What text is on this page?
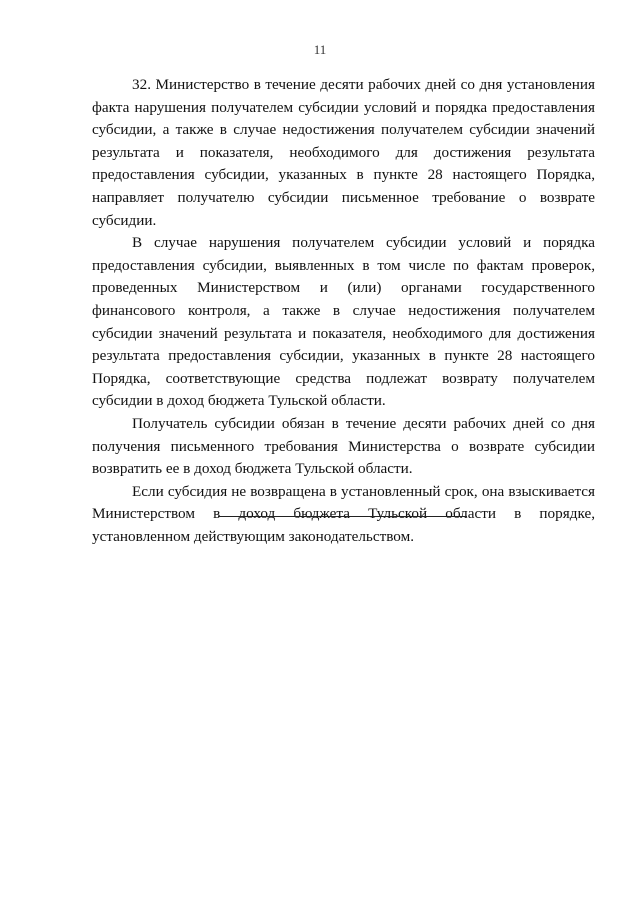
11

32. Министерство в течение десяти рабочих дней со дня установления факта нарушения получателем субсидии условий и порядка предоставления субсидии, а также в случае недостижения получателем субсидии значений результата и показателя, необходимого для достижения результата предоставления субсидии, указанных в пункте 28 настоящего Порядка, направляет получателю субсидии письменное требование о возврате субсидии.

В случае нарушения получателем субсидии условий и порядка предоставления субсидии, выявленных в том числе по фактам проверок, проведенных Министерством и (или) органами государственного финансового контроля, а также в случае недостижения получателем субсидии значений результата и показателя, необходимого для достижения результата предоставления субсидии, указанных в пункте 28 настоящего Порядка, соответствующие средства подлежат возврату получателем субсидии в доход бюджета Тульской области.

Получатель субсидии обязан в течение десяти рабочих дней со дня получения письменного требования Министерства о возврате субсидии возвратить ее в доход бюджета Тульской области.

Если субсидия не возвращена в установленный срок, она взыскивается Министерством в доход бюджета Тульской области в порядке, установленном действующим законодательством.
